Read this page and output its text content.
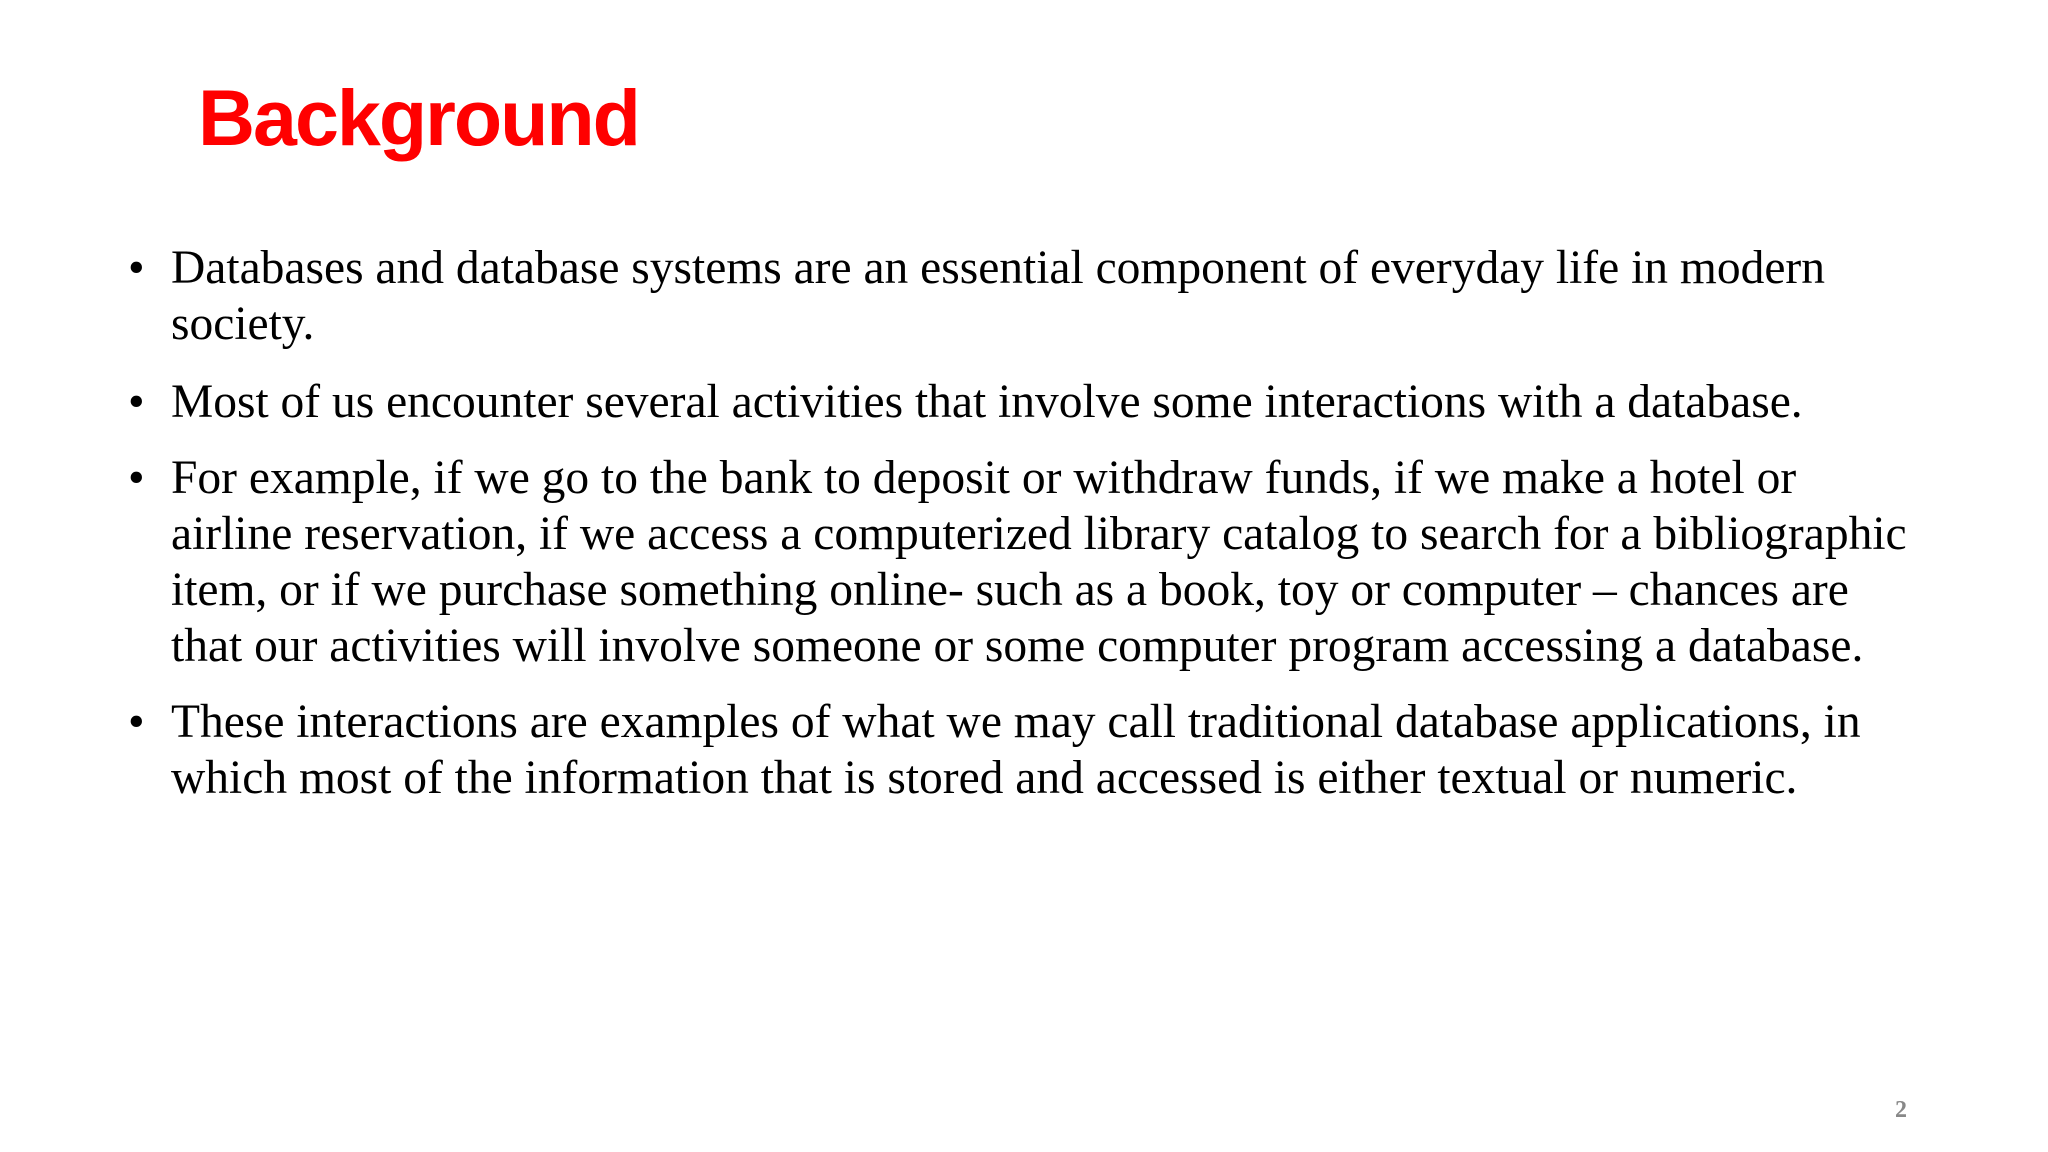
Background
• Databases and database systems are an essential component of everyday life in modern society.
• Most of us encounter several activities that involve some interactions with a database.
• For example, if we go to the bank to deposit or withdraw funds, if we make a hotel or airline reservation, if we access a computerized library catalog to search for a bibliographic item, or if we purchase something online- such as a book, toy or computer – chances are that our activities will involve someone or some computer program accessing a database.
• These interactions are examples of what we may call traditional database applications, in which most of the information that is stored and accessed is either textual or numeric.
2
